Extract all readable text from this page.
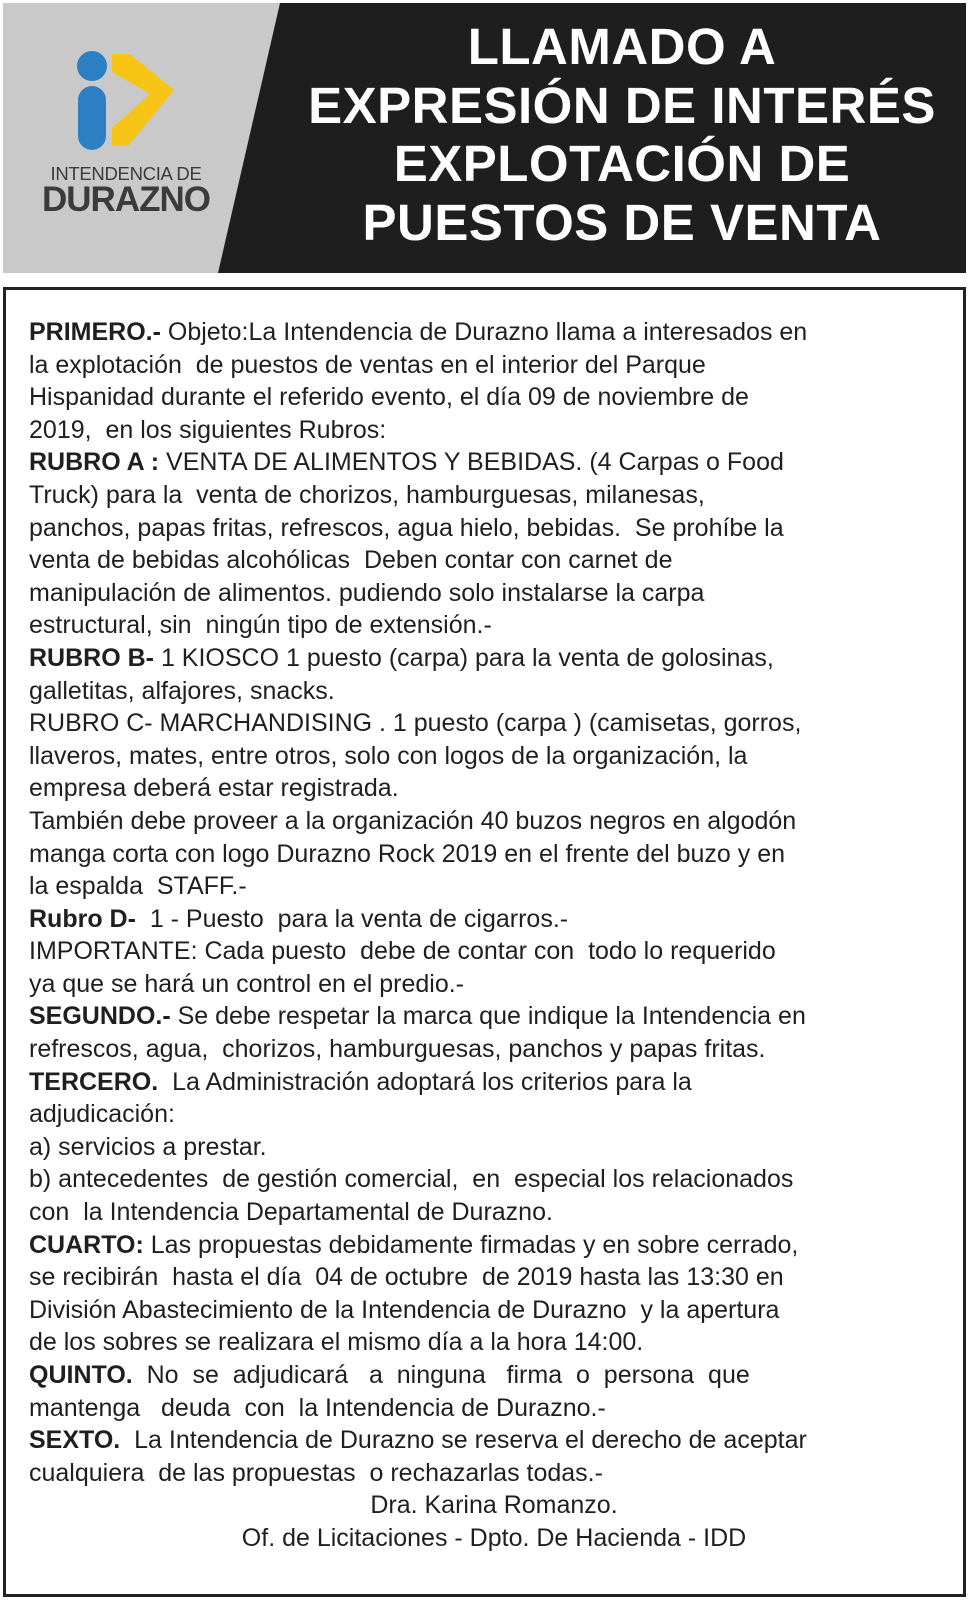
INTENDENCIA DE
DURAZNO
LLAMADO A
EXPRESIÓN DE INTERÉS
EXPLOTACIÓN DE
PUESTOS DE VENTA

PRIMERO.- Objeto:La Intendencia de Durazno llama a interesados en

la explotación  de puestos de ventas en el interior del Parque

Hispanidad durante el referido evento, el día 09 de noviembre de

2019,  en los siguientes Rubros:

RUBRO A : VENTA DE ALIMENTOS Y BEBIDAS. (4 Carpas o Food

Truck) para la  venta de chorizos, hamburguesas, milanesas,

panchos, papas fritas, refrescos, agua hielo, bebidas.  Se prohíbe la

venta de bebidas alcohólicas  Deben contar con carnet de

manipulación de alimentos. pudiendo solo instalarse la carpa

estructural, sin  ningún tipo de extensión.-

RUBRO B- 1 KIOSCO 1 puesto (carpa) para la venta de golosinas,

galletitas, alfajores, snacks.

RUBRO C- MARCHANDISING . 1 puesto (carpa ) (camisetas, gorros,

llaveros, mates, entre otros, solo con logos de la organización, la

empresa deberá estar registrada.

También debe proveer a la organización 40 buzos negros en algodón

manga corta con logo Durazno Rock 2019 en el frente del buzo y en

la espalda  STAFF.-

Rubro D-  1 - Puesto  para la venta de cigarros.-

IMPORTANTE: Cada puesto  debe de contar con  todo lo requerido

ya que se hará un control en el predio.-

SEGUNDO.- Se debe respetar la marca que indique la Intendencia en

refrescos, agua,  chorizos, hamburguesas, panchos y papas fritas.

TERCERO.  La Administración adoptará los criterios para la

adjudicación:

a) servicios a prestar.

b) antecedentes  de gestión comercial,  en  especial los relacionados

con  la Intendencia Departamental de Durazno.

CUARTO: Las propuestas debidamente firmadas y en sobre cerrado,

se recibirán  hasta el día  04 de octubre  de 2019 hasta las 13:30 en

División Abastecimiento de la Intendencia de Durazno  y la apertura

de los sobres se realizara el mismo día a la hora 14:00.

QUINTO.  No  se  adjudicará   a  ninguna   firma  o  persona  que

mantenga   deuda  con  la Intendencia de Durazno.-

SEXTO.  La Intendencia de Durazno se reserva el derecho de aceptar

cualquiera  de las propuestas  o rechazarlas todas.-

Dra. Karina Romanzo.

Of. de Licitaciones - Dpto. De Hacienda - IDD
